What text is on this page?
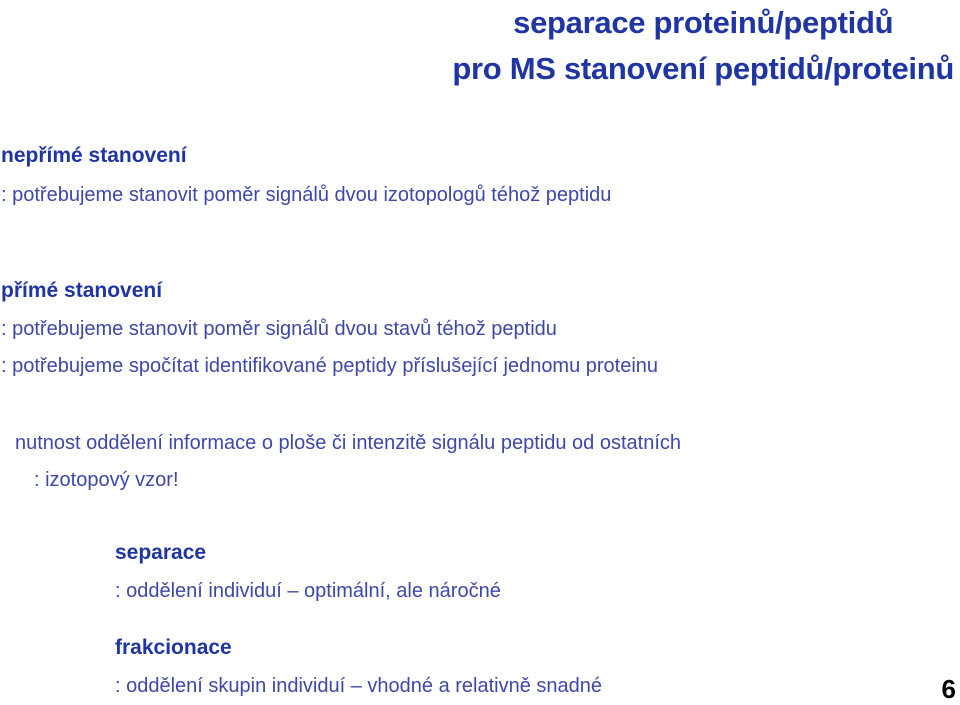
separace proteinů/peptidů
pro MS stanovení peptidů/proteinů
nepřímé stanovení
: potřebujeme stanovit poměr signálů dvou izotopologů téhož peptidu
přímé stanovení
: potřebujeme stanovit poměr signálů dvou stavů téhož peptidu
: potřebujeme spočítat identifikované peptidy příslušející jednomu proteinu
nutnost oddělení informace o ploše či intenzitě signálu peptidu od ostatních
: izotopový vzor!
separace
: oddělení individuí – optimální, ale náročné
frakcionace
: oddělení skupin individuí – vhodné a relativně snadné	6
